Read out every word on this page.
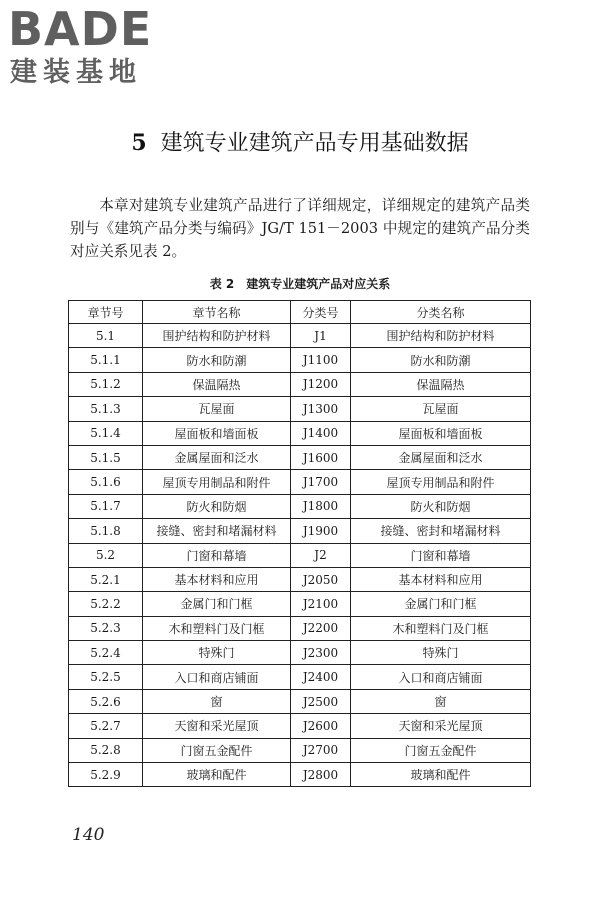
BADE
建装基地
5 建筑专业建筑产品专用基础数据

本章对建筑专业建筑产品进行了详细规定，详细规定的建筑产品类别与《建筑产品分类与编码》JG/T 151－2003 中规定的建筑产品分类对应关系见表 2。

表 2 建筑专业建筑产品对应关系
章节号	章节名称	分类号	分类名称
5.1	围护结构和防护材料	J1	围护结构和防护材料
5.1.1	防水和防潮	J1100	防水和防潮
5.1.2	保温隔热	J1200	保温隔热
5.1.3	瓦屋面	J1300	瓦屋面
5.1.4	屋面板和墙面板	J1400	屋面板和墙面板
5.1.5	金属屋面和泛水	J1600	金属屋面和泛水
5.1.6	屋顶专用制品和附件	J1700	屋顶专用制品和附件
5.1.7	防火和防烟	J1800	防火和防烟
5.1.8	接缝、密封和堵漏材料	J1900	接缝、密封和堵漏材料
5.2	门窗和幕墙	J2	门窗和幕墙
5.2.1	基本材料和应用	J2050	基本材料和应用
5.2.2	金属门和门框	J2100	金属门和门框
5.2.3	木和塑料门及门框	J2200	木和塑料门及门框
5.2.4	特殊门	J2300	特殊门
5.2.5	入口和商店铺面	J2400	入口和商店铺面
5.2.6	窗	J2500	窗
5.2.7	天窗和采光屋顶	J2600	天窗和采光屋顶
5.2.8	门窗五金配件	J2700	门窗五金配件
5.2.9	玻璃和配件	J2800	玻璃和配件
140
